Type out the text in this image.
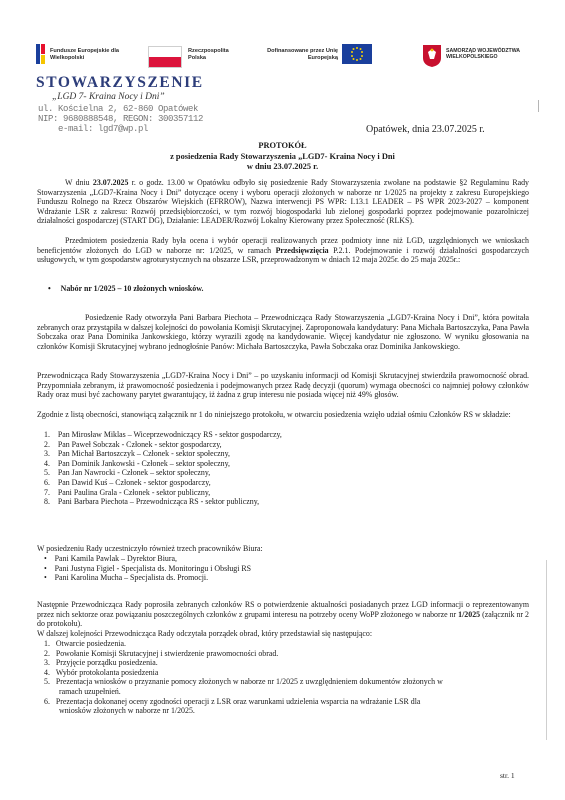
Fundusze Europejskie dla Wielkopolski
Rzeczpospolita Polska
Dofinansowane przez Unię Europejską
SAMORZĄD WOJEWÓDZTWA WIELKOPOLSKIEGO
STOWARZYSZENIE
„LGD 7- Kraina Nocy i Dni”
ul. Kościelna 2, 62-860 Opatówek
NIP: 9680888548, REGON: 300357112
e-mail: lgd7@wp.pl	Opatówek, dnia 23.07.2025 r.
PROTOKÓŁ
z posiedzenia Rady Stowarzyszenia „LGD7- Kraina Nocy i Dni
w dniu 23.07.2025 r.
W dniu 23.07.2025 r. o godz. 13.00 w Opatówku odbyło się posiedzenie Rady Stowarzyszenia zwołane na podstawie §2 Regulaminu Rady Stowarzyszenia „LGD7-Kraina Nocy i Dni” dotyczące oceny i wyboru operacji złożonych w naborze nr 1/2025 na projekty z zakresu Europejskiego Funduszu Rolnego na Rzecz Obszarów Wiejskich (EFRROW), Nazwa interwencji PS WPR: I.13.1 LEADER – PS WPR 2023-2027 – komponent Wdrażanie LSR z zakresu: Rozwój przedsiębiorczości, w tym rozwój biogospodarki lub zielonej gospodarki poprzez podejmowanie pozarolniczej działalności gospodarczej (START DG), Działanie: LEADER/Rozwój Lokalny Kierowany przez Społeczność (RLKS).
Przedmiotem posiedzenia Rady była ocena i wybór operacji realizowanych przez podmioty inne niż LGD, uzgzlędnionych we wnioskach beneficjentów złożonych do LGD w naborze nr: 1/2025, w ramach Przedsięwzięcia P.2.1. Podejmowanie i rozwój działalności gospodarczych usługowych, w tym gospodarstw agroturystycznych na obszarze LSR, przeprowadzonym w dniach 12 maja 2025r. do 25 maja 2025r.:
•     Nabór nr 1/2025 – 10 złożonych wniosków.
Posiedzenie Rady otworzyła Pani Barbara Piechota – Przewodnicząca Rady Stowarzyszenia „LGD7-Kraina Nocy i Dni”, która powitała zebranych oraz przystąpiła w dalszej kolejności do powołania Komisji Skrutacyjnej. Zaproponowała kandydatury: Pana Michała Bartoszczyka, Pana Pawła Sobczaka oraz Pana Dominika Jankowskiego, którzy wyrazili zgodę na kandydowanie. Więcej kandydatur nie zgłoszono. W wyniku głosowania na członków Komisji Skrutacyjnej wybrano jednogłośnie Panów: Michała Bartoszczyka, Pawła Sobczaka oraz Dominika Jankowskiego.
Przewodnicząca Rady Stowarzyszenia „LGD7-Kraina Nocy i Dni” – po uzyskaniu informacji od Komisji Skrutacyjnej stwierdziła prawomocność obrad. Przypomniała zebranym, iż prawomocność posiedzenia i podejmowanych przez Radę decyzji (quorum) wymaga obecności co najmniej połowy członków Rady oraz musi być zachowany parytet gwarantujący, iż żadna z grup interesu nie posiada więcej niż 49% głosów.
Zgodnie z listą obecności, stanowiącą załącznik nr 1 do niniejszego protokołu, w otwarciu posiedzenia wzięło udział ośmiu Członków RS w składzie:
1.    Pan Mirosław Miklas – Wiceprzewodniczący RS - sektor gospodarczy,
2.    Pan Paweł Sobczak - Członek - sektor gospodarczy,
3.    Pan Michał Bartoszczyk – Członek - sektor społeczny,
4.    Pan Dominik Jankowski - Członek – sektor społeczny,
5.    Pan Jan Nawrocki - Członek – sektor społeczny,
6.    Pan Dawid Kuś – Członek - sektor gospodarczy,
7.    Pani Paulina Grala - Członek - sektor publiczny,
8.    Pani Barbara Piechota – Przewodnicząca RS - sektor publiczny,
W posiedzeniu Rady uczestniczyło również trzech pracowników Biura:
•    Pani Kamila Pawlak – Dyrektor Biura,
•    Pani Justyna Figiel - Specjalista ds. Monitoringu i Obsługi RS
•    Pani Karolina Mucha – Specjalista ds. Promocji.
Następnie Przewodnicząca Rady poprosiła zebranych członków RS o potwierdzenie aktualności posiadanych przez LGD informacji o reprezentowanym przez nich sektorze oraz powiązaniu poszczególnych członków z grupami interesu na potrzeby oceny WoPP złożonego w naborze nr 1/2025 (załącznik nr 2 do protokołu).
W dalszej kolejności Przewodnicząca Rady odczytała porządek obrad, który przedstawiał się następująco:
1. Otwarcie posiedzenia.
2. Powołanie Komisji Skrutacyjnej i stwierdzenie prawomocności obrad.
3. Przyjęcie porządku posiedzenia.
4. Wybór protokolanta posiedzenia
5. Prezentacja wniosków o przyznanie pomocy złożonych w naborze nr 1/2025 z uwzględnieniem dokumentów złożonych w
ramach uzupełnień.
6. Prezentacja dokonanej oceny zgodności operacji z LSR oraz warunkami udzielenia wsparcia na wdrażanie LSR dla
wniosków złożonych w naborze nr 1/2025.
str. 1
